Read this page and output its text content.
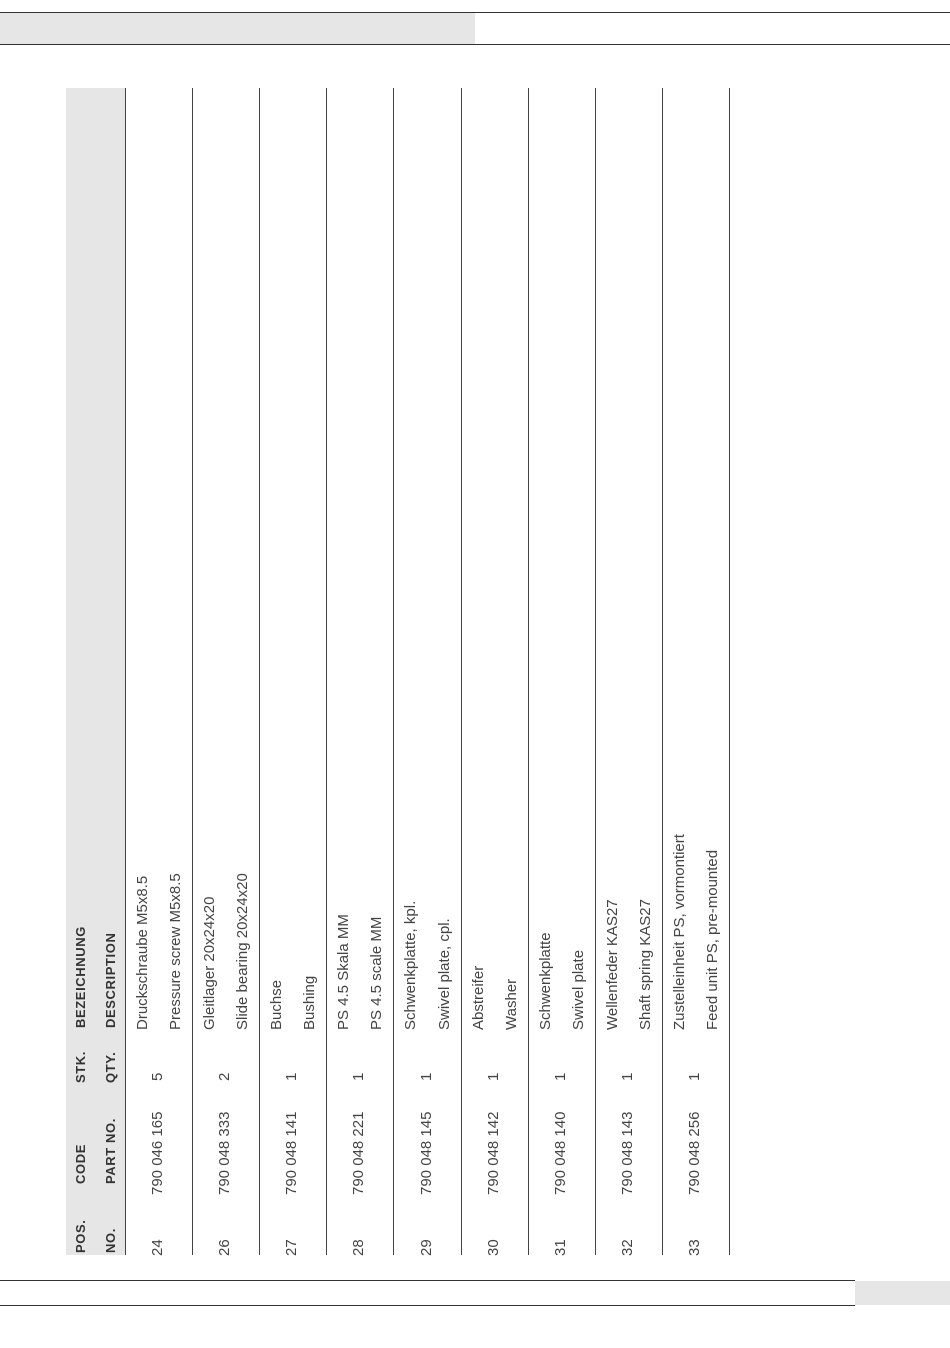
POS. NO.
CODE PART NO.
STK. QTY.
BEZEICHNUNG DESCRIPTION
24
790 046 165
5
Druckschraube M5x8.5 Pressure screw M5x8.5
26
790 048 333
2
Gleitlager 20x24x20 Slide bearing 20x24x20
27
790 048 141
1
Buchse Bushing
28
790 048 221
1
PS 4.5 Skala MM PS 4.5 scale MM
29
790 048 145
1
Schwenkplatte, kpl. Swivel plate, cpl.
30
790 048 142
1
Abstreifer Washer
31
790 048 140
1
Schwenkplatte Swivel plate
32
790 048 143
1
Wellenfeder KAS27 Shaft spring KAS27
33
790 048 256
1
Zustelleinheit PS, vormontiert Feed unit PS, pre-mounted
